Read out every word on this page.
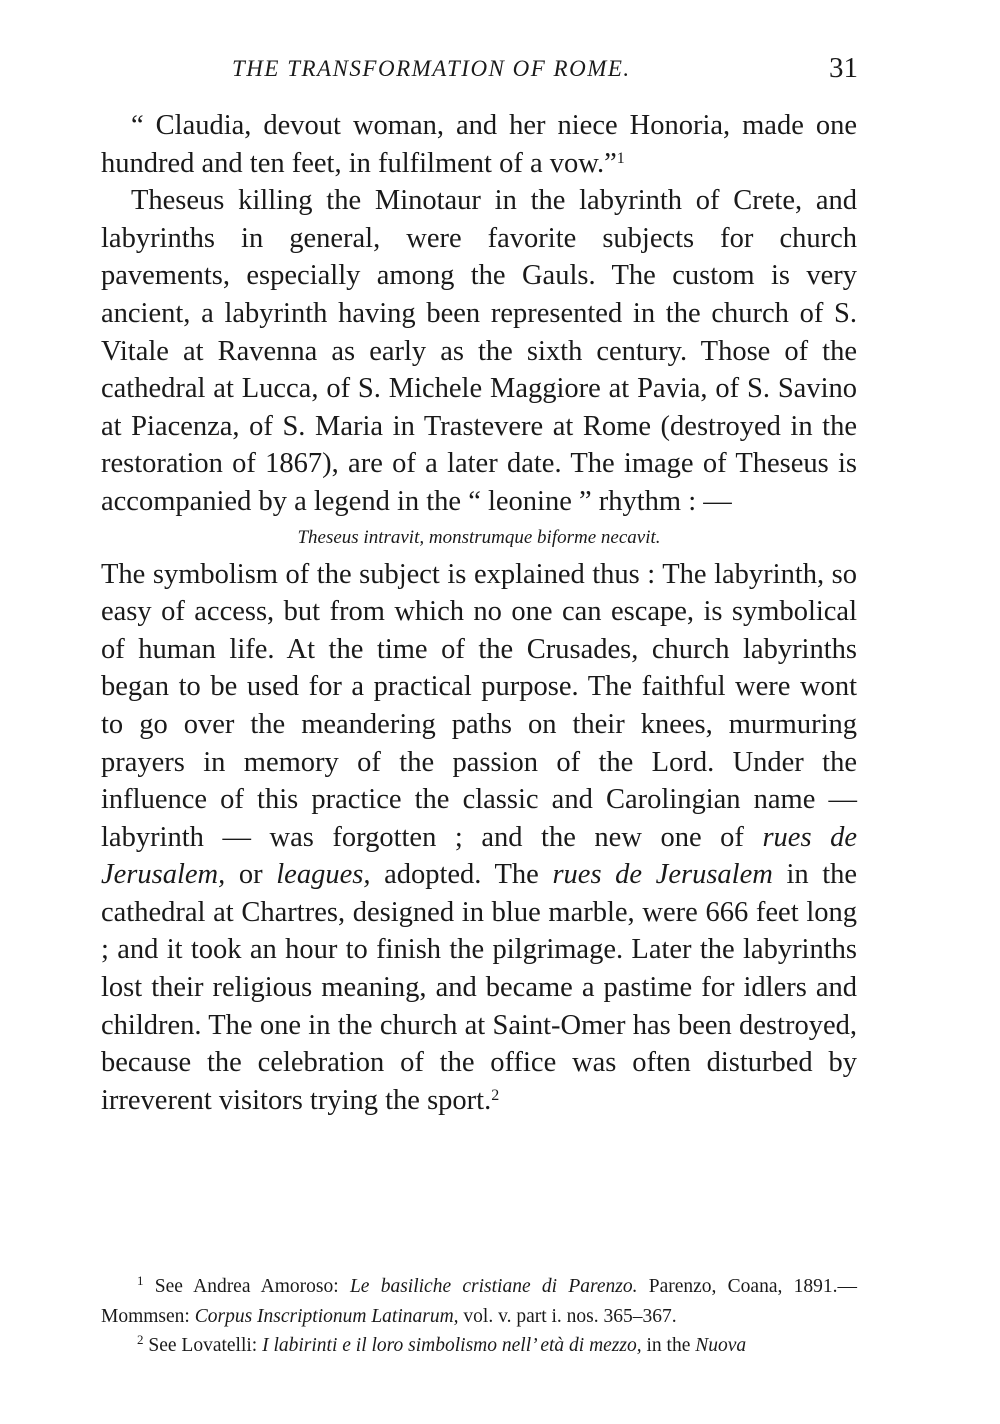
THE TRANSFORMATION OF ROME.	31

“ Claudia, devout woman, and her niece Honoria, made one hundred and ten feet, in fulfilment of a vow.”$^1$

Theseus killing the Minotaur in the labyrinth of Crete, and labyrinths in general, were favorite subjects for church pavements, especially among the Gauls. The custom is very ancient, a labyrinth having been represented in the church of S. Vitale at Ravenna as early as the sixth century. Those of the cathedral at Lucca, of S. Michele Maggiore at Pavia, of S. Savino at Piacenza, of S. Maria in Trastevere at Rome (destroyed in the restoration of 1867), are of a later date. The image of Theseus is accompanied by a legend in the “ leonine ” rhythm : —

Theseus intravit, monstrumque biforme necavit.

The symbolism of the subject is explained thus : The labyrinth, so easy of access, but from which no one can escape, is symbolical of human life. At the time of the Crusades, church labyrinths began to be used for a practical purpose. The faithful were wont to go over the meandering paths on their knees, murmuring prayers in memory of the passion of the Lord. Under the influence of this practice the classic and Carolingian name — labyrinth — was forgotten ; and the new one of rues de Jerusalem, or leagues, adopted. The rues de Jerusalem in the cathedral at Chartres, designed in blue marble, were 666 feet long ; and it took an hour to finish the pilgrimage. Later the labyrinths lost their religious meaning, and became a pastime for idlers and children. The one in the church at Saint-Omer has been destroyed, because the celebration of the office was often disturbed by irreverent visitors trying the sport.$^2$

$^1$ See Andrea Amoroso: Le basiliche cristiane di Parenzo. Parenzo, Coana, 1891.— Mommsen: Corpus Inscriptionum Latinarum, vol. v. part i. nos. 365–367.

$^2$ See Lovatelli: I labirinti e il loro simbolismo nell’ età di mezzo, in the Nuova
